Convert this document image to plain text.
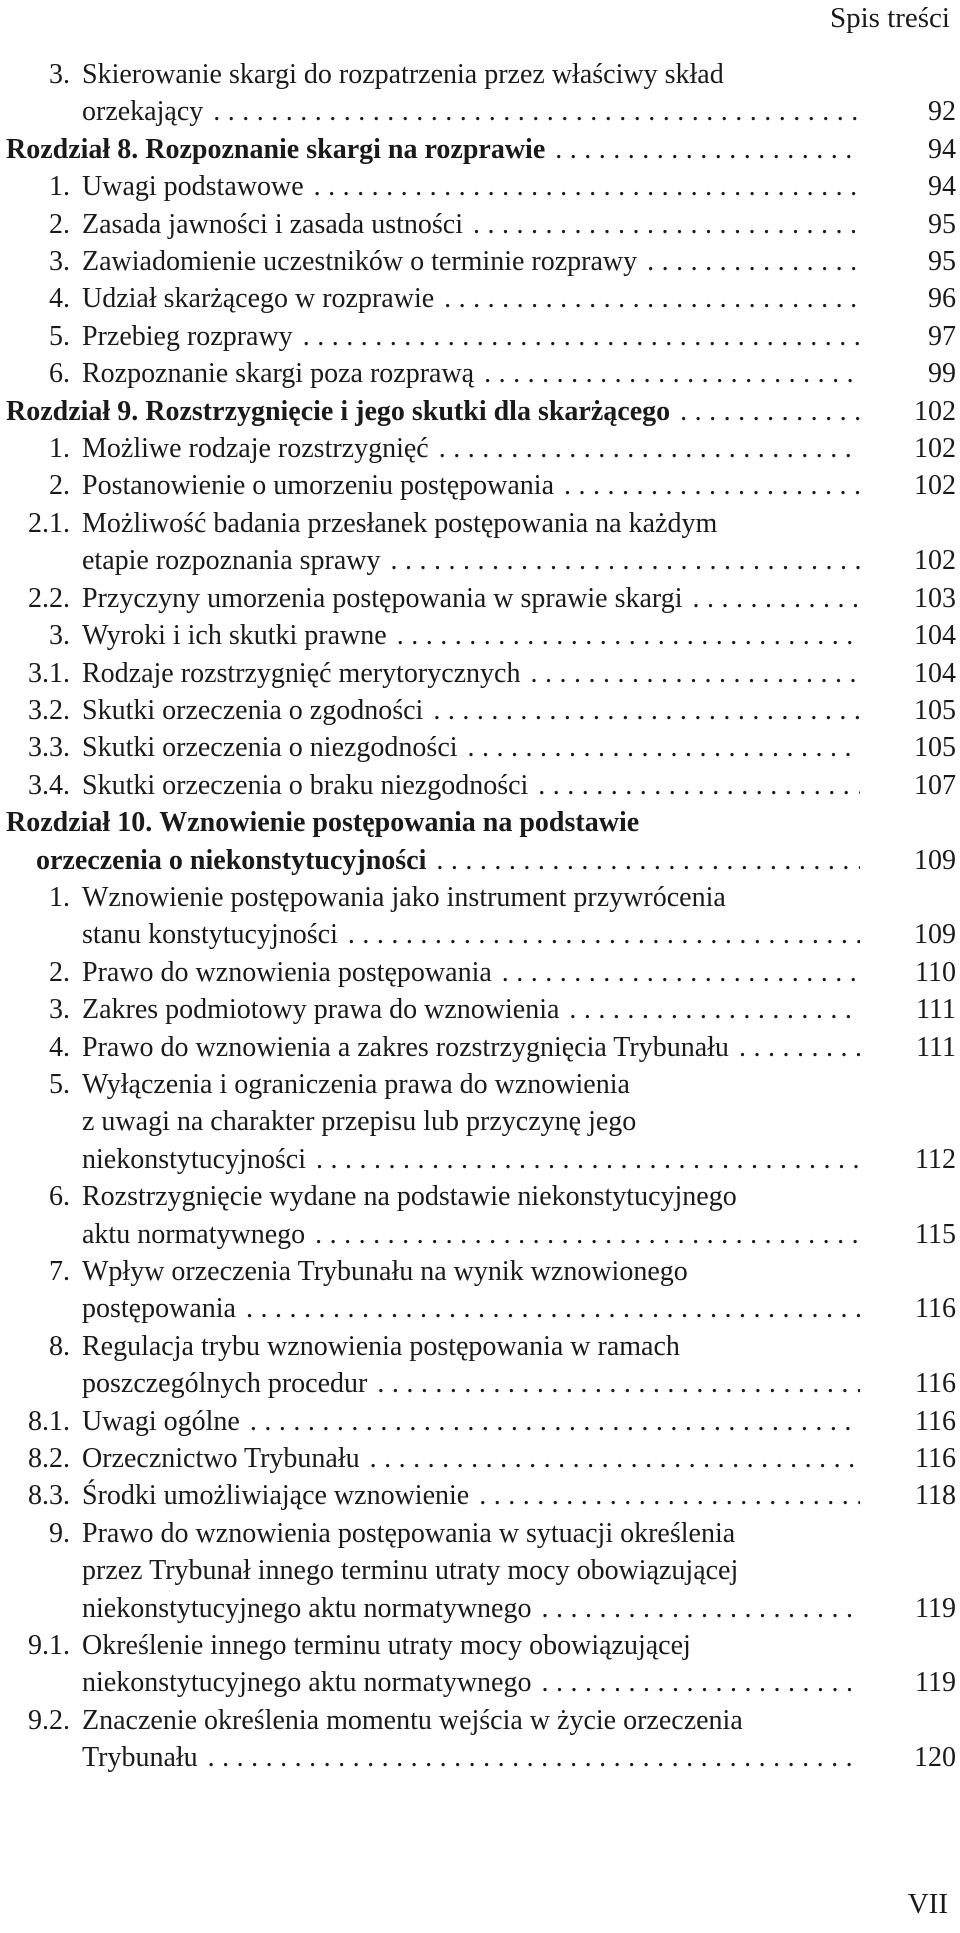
Spis treści
3. Skierowanie skargi do rozpatrzenia przez właściwy skład
orzekający .....	92
Rozdział 8. Rozpoznanie skargi na rozprawie .....	94
1. Uwagi podstawowe .....	94
2. Zasada jawności i zasada ustności .....	95
3. Zawiadomienie uczestników o terminie rozprawy .....	95
4. Udział skarżącego w rozprawie .....	96
5. Przebieg rozprawy .....	97
6. Rozpoznanie skargi poza rozprawą .....	99
Rozdział 9. Rozstrzygnięcie i jego skutki dla skarżącego .....	102
1. Możliwe rodzaje rozstrzygnięć .....	102
2. Postanowienie o umorzeniu postępowania .....	102
2.1. Możliwość badania przesłanek postępowania na każdym
etapie rozpoznania sprawy .....	102
2.2. Przyczyny umorzenia postępowania w sprawie skargi .....	103
3. Wyroki i ich skutki prawne .....	104
3.1. Rodzaje rozstrzygnięć merytorycznych .....	104
3.2. Skutki orzeczenia o zgodności .....	105
3.3. Skutki orzeczenia o niezgodności .....	105
3.4. Skutki orzeczenia o braku niezgodności .....	107
Rozdział 10. Wznowienie postępowania na podstawie
orzeczenia o niekonstytucyjności .....	109
1. Wznowienie postępowania jako instrument przywrócenia
stanu konstytucyjności .....	109
2. Prawo do wznowienia postępowania .....	110
3. Zakres podmiotowy prawa do wznowienia .....	111
4. Prawo do wznowienia a zakres rozstrzygnięcia Trybunału .....	111
5. Wyłączenia i ograniczenia prawa do wznowienia
z uwagi na charakter przepisu lub przyczynę jego
niekonstytucyjności .....	112
6. Rozstrzygnięcie wydane na podstawie niekonstytucyjnego
aktu normatywnego .....	115
7. Wpływ orzeczenia Trybunału na wynik wznowionego
postępowania .....	116
8. Regulacja trybu wznowienia postępowania w ramach
poszczególnych procedur .....	116
8.1. Uwagi ogólne .....	116
8.2. Orzecznictwo Trybunału .....	116
8.3. Środki umożliwiające wznowienie .....	118
9. Prawo do wznowienia postępowania w sytuacji określenia
przez Trybunał innego terminu utraty mocy obowiązującej
niekonstytucyjnego aktu normatywnego .....	119
9.1. Określenie innego terminu utraty mocy obowiązującej
niekonstytucyjnego aktu normatywnego .....	119
9.2. Znaczenie określenia momentu wejścia w życie orzeczenia
Trybunału .....	120
VII
